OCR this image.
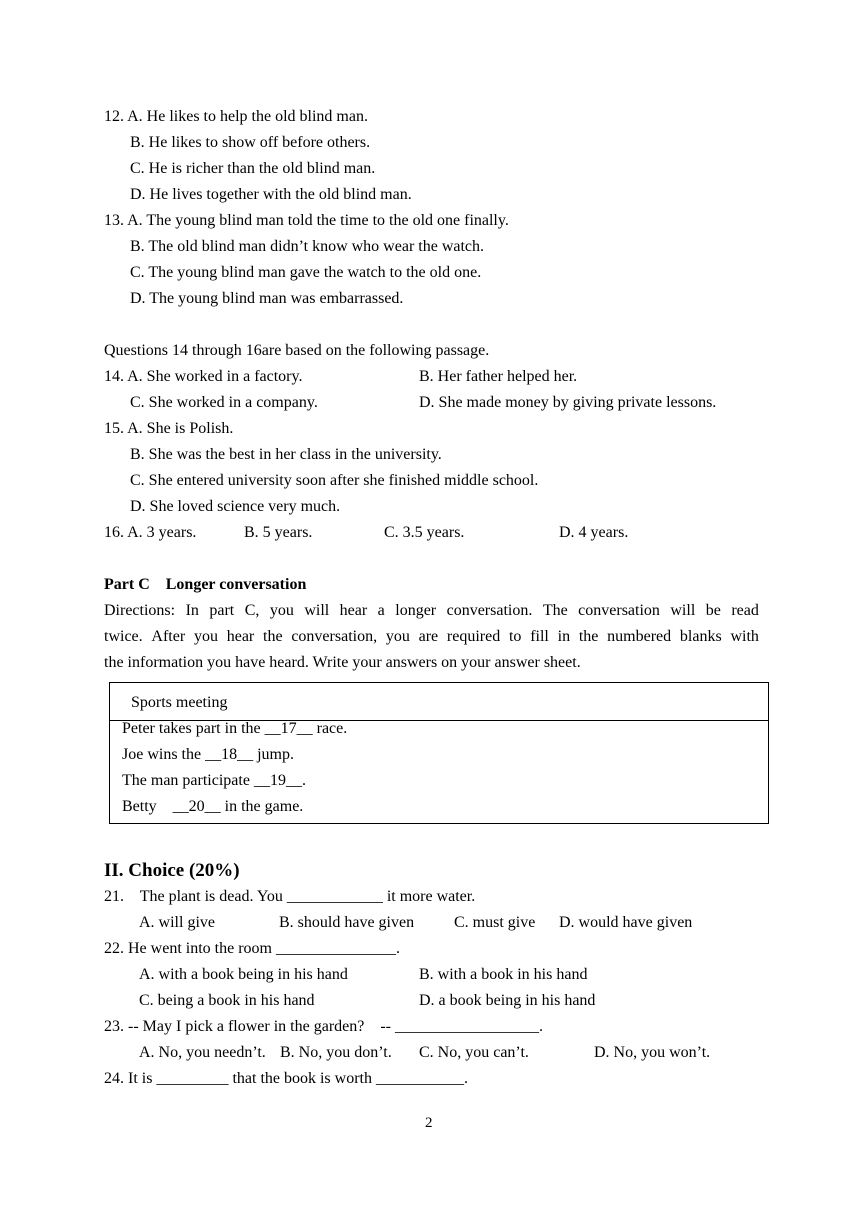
12. A. He likes to help the old blind man.
B. He likes to show off before others.
C. He is richer than the old blind man.
D. He lives together with the old blind man.
13. A. The young blind man told the time to the old one finally.
B. The old blind man didn’t know who wear the watch.
C. The young blind man gave the watch to the old one.
D. The young blind man was embarrassed.
Questions 14 through 16are based on the following passage.
14. A. She worked in a factory.	B. Her father helped her.
C. She worked in a company.	D. She made money by giving private lessons.
15. A. She is Polish.
B. She was the best in her class in the university.
C. She entered university soon after she finished middle school.
D. She loved science very much.
16. A. 3 years.	B. 5 years.	C. 3.5 years.	D. 4 years.
Part C    Longer conversation
Directions: In part C, you will hear a longer conversation. The conversation will be read
twice. After you hear the conversation, you are required to fill in the numbered blanks with
the information you have heard. Write your answers on your answer sheet.
Sports meeting
Peter takes part in the __17__ race.
Joe wins the __18__ jump.
The man participate __19__.
Betty    __20__ in the game.
II. Choice (20%)
21.    The plant is dead. You ____________ it more water.
A. will give	B. should have given C. must give D. would have given
22. He went into the room _______________.
A. with a book being in his hand	B. with a book in his hand
C. being a book in his hand	D. a book being in his hand
23. -- May I pick a flower in the garden?    -- __________________.
A. No, you needn’t. B. No, you don’t. C. No, you can’t.	D. No, you won’t.
24. It is _________ that the book is worth ___________.
2
